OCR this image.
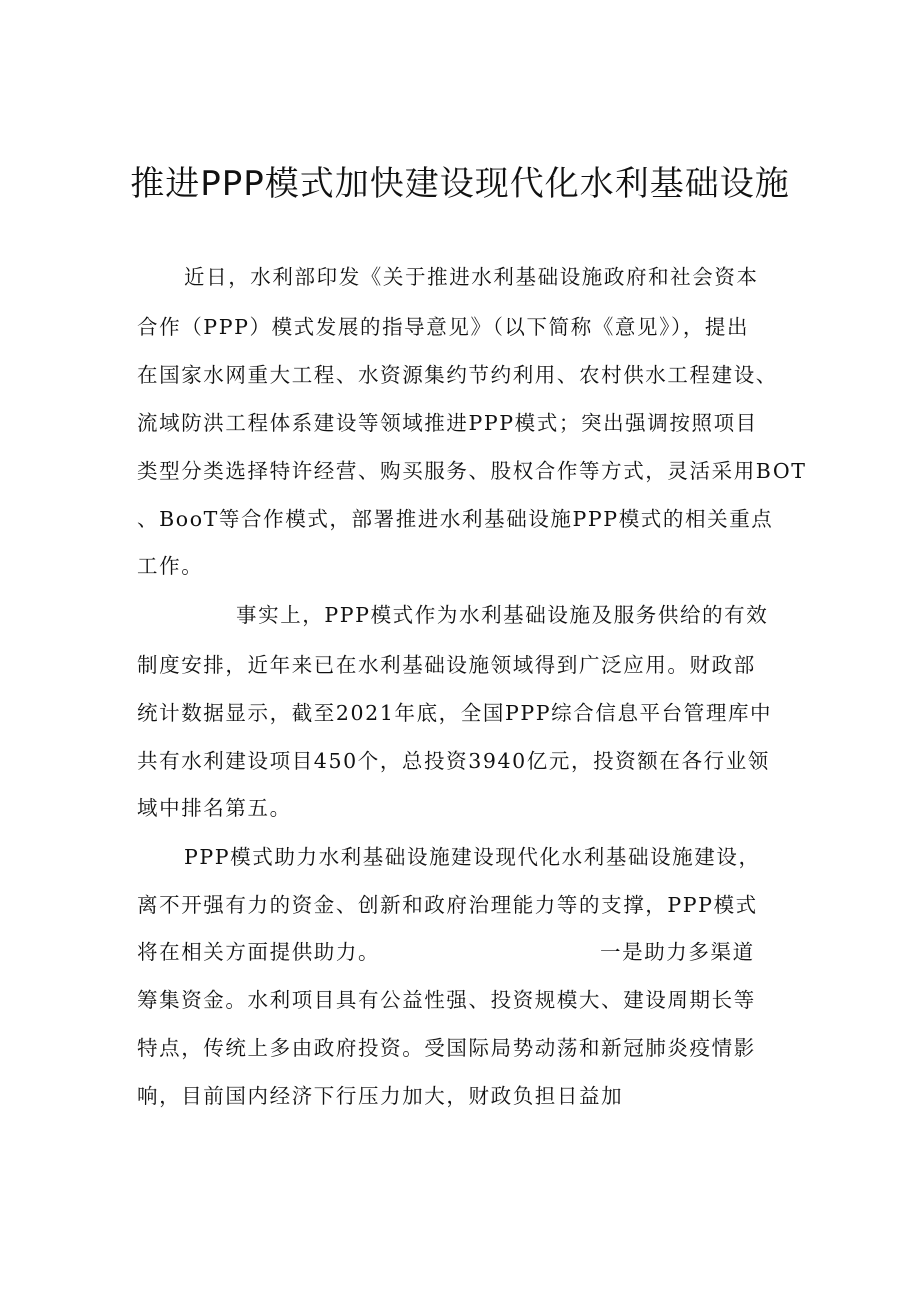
推进PPP模式加快建设现代化水利基础设施
近日，水利部印发《关于推进水利基础设施政府和社会资本
合作（PPP）模式发展的指导意见》（以下简称《意见》），提出
在国家水网重大工程、水资源集约节约利用、农村供水工程建设、
流域防洪工程体系建设等领域推进PPP模式；突出强调按照项目
类型分类选择特许经营、购买服务、股权合作等方式，灵活采用BOT
、BooT等合作模式，部署推进水利基础设施PPP模式的相关重点
工作。
事实上，PPP模式作为水利基础设施及服务供给的有效
制度安排，近年来已在水利基础设施领域得到广泛应用。财政部
统计数据显示，截至2021年底，全国PPP综合信息平台管理库中
共有水利建设项目450个，总投资3940亿元，投资额在各行业领
域中排名第五。
PPP模式助力水利基础设施建设现代化水利基础设施建设，
离不开强有力的资金、创新和政府治理能力等的支撑，PPP模式
将在相关方面提供助力。	一是助力多渠道
筹集资金。水利项目具有公益性强、投资规模大、建设周期长等
特点，传统上多由政府投资。受国际局势动荡和新冠肺炎疫情影
响，目前国内经济下行压力加大，财政负担日益加
